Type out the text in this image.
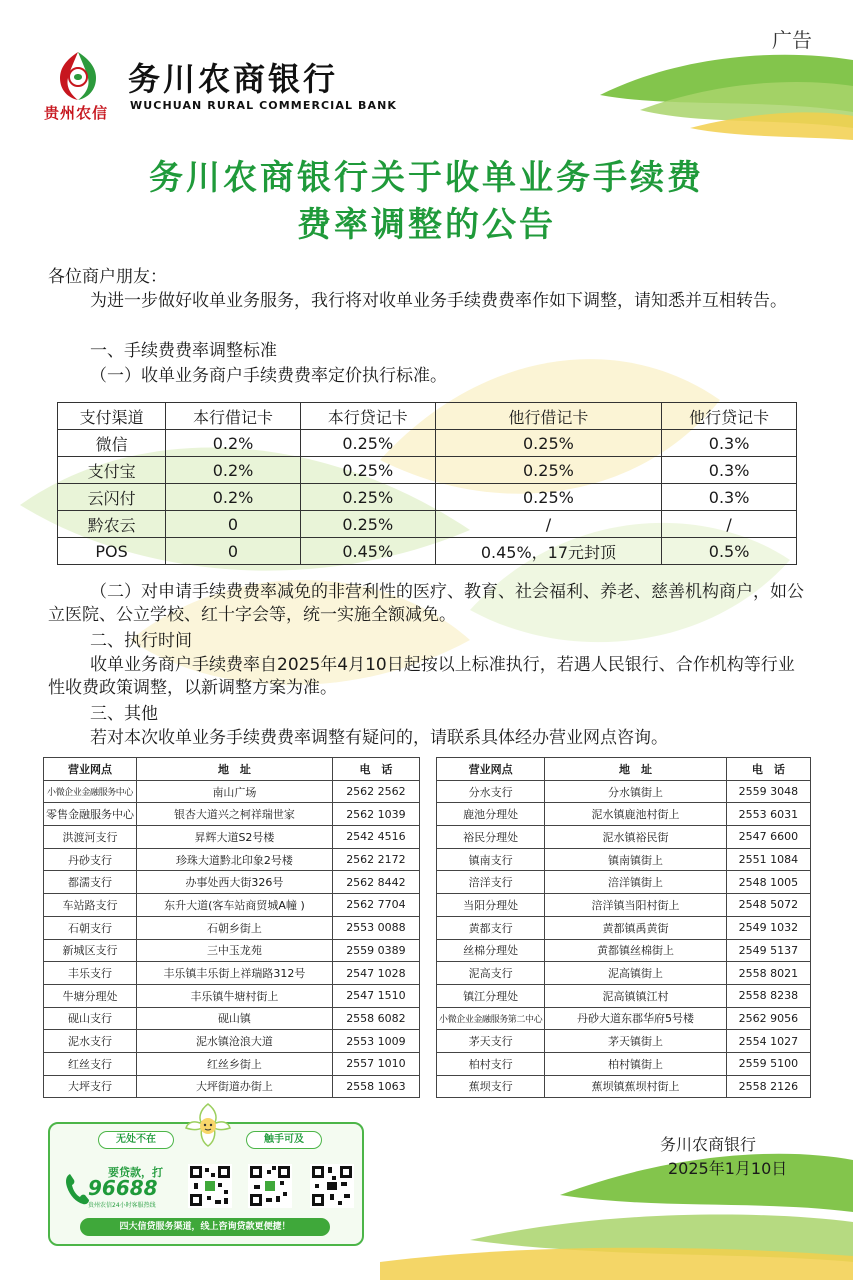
广告
贵州农信
务川农商银行
WUCHUAN RURAL COMMERCIAL BANK
务川农商银行关于收单业务手续费
费率调整的公告
各位商户朋友：
为进一步做好收单业务服务，我行将对收单业务手续费费率作如下调整，请知悉并互相转告。
一、手续费费率调整标准
（一）收单业务商户手续费费率定价执行标准。
支付渠道	本行借记卡	本行贷记卡	他行借记卡	他行贷记卡
微信	0.2%	0.25%	0.25%	0.3%
支付宝	0.2%	0.25%	0.25%	0.3%
云闪付	0.2%	0.25%	0.25%	0.3%
黔农云	0	0.25%	/	/
POS	0	0.45%	0.45%，17元封顶	0.5%
（二）对申请手续费费率减免的非营利性的医疗、教育、社会福利、养老、慈善机构商户，如公立医院、公立学校、红十字会等，统一实施全额减免。
二、执行时间
收单业务商户手续费率自2025年4月10日起按以上标准执行，若遇人民银行、合作机构等行业性收费政策调整，以新调整方案为准。
三、其他
若对本次收单业务手续费费率调整有疑问的，请联系具体经办营业网点咨询。
营业网点	地　址	电　话
小微企业金融服务中心	南山广场	2562 2562
零售金融服务中心	银杏大道兴之柯祥瑞世家	2562 1039
洪渡河支行	昇辉大道S2号楼	2542 4516
丹砂支行	珍珠大道黔北印象2号楼	2562 2172
都濡支行	办事处西大街326号	2562 8442
车站路支行	东升大道(客车站商贸城A幢 )	2562 7704
石朝支行	石朝乡街上	2553 0088
新城区支行	三中玉龙苑	2559 0389
丰乐支行	丰乐镇丰乐街上祥瑞路312号	2547 1028
牛塘分理处	丰乐镇牛塘村街上	2547 1510
砚山支行	砚山镇	2558 6082
泥水支行	泥水镇沧浪大道	2553 1009
红丝支行	红丝乡街上	2557 1010
大坪支行	大坪街道办街上	2558 1063
营业网点	地　址	电　话
分水支行	分水镇街上	2559 3048
鹿池分理处	泥水镇鹿池村街上	2553 6031
裕民分理处	泥水镇裕民街	2547 6600
镇南支行	镇南镇街上	2551 1084
涪洋支行	涪洋镇街上	2548 1005
当阳分理处	涪洋镇当阳村街上	2548 5072
黄都支行	黄都镇禹黄街	2549 1032
丝棉分理处	黄都镇丝棉街上	2549 5137
泥高支行	泥高镇街上	2558 8021
镇江分理处	泥高镇镇江村	2558 8238
小微企业金融服务第二中心	丹砂大道东郡华府5号楼	2562 9056
茅天支行	茅天镇街上	2554 1027
柏村支行	柏村镇街上	2559 5100
蕉坝支行	蕉坝镇蕉坝村街上	2558 2126
无处不在	触手可及
要贷款，打
96688
贵州农信24小时客服热线
四大信贷服务渠道，线上咨询贷款更便捷！
务川农商银行
2025年1月10日
